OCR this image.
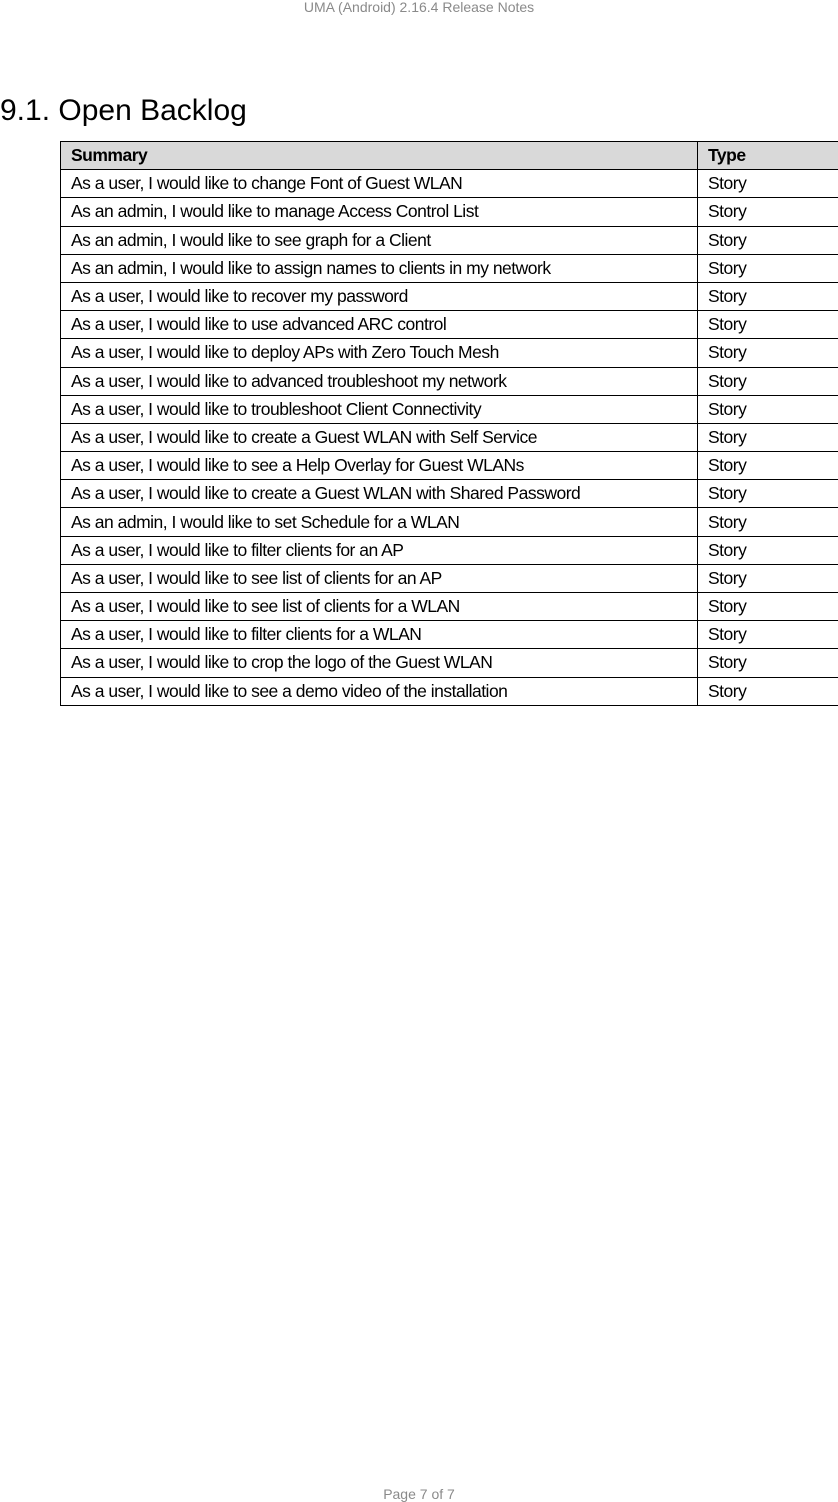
UMA (Android) 2.16.4 Release Notes
9.1. Open Backlog
Summary	Type
As a user, I would like to change Font of Guest WLAN	Story
As an admin, I would like to manage Access Control List	Story
As an admin, I would like to see graph for a Client	Story
As an admin, I would like to assign names to clients in my network	Story
As a user, I would like to recover my password	Story
As a user, I would like to use advanced ARC control	Story
As a user, I would like to deploy APs with Zero Touch Mesh	Story
As a user, I would like to advanced troubleshoot my network	Story
As a user, I would like to troubleshoot Client Connectivity	Story
As a user, I would like to create a Guest WLAN with Self Service	Story
As a user, I would like to see a Help Overlay for Guest WLANs	Story
As a user, I would like to create a Guest WLAN with Shared Password	Story
As an admin, I would like to set Schedule for a WLAN	Story
As a user, I would like to filter clients for an AP	Story
As a user, I would like to see list of clients for an AP	Story
As a user, I would like to see list of clients for a WLAN	Story
As a user, I would like to filter clients for a WLAN	Story
As a user, I would like to crop the logo of the Guest WLAN	Story
As a user, I would like to see a demo video of the installation	Story
Page 7 of 7
